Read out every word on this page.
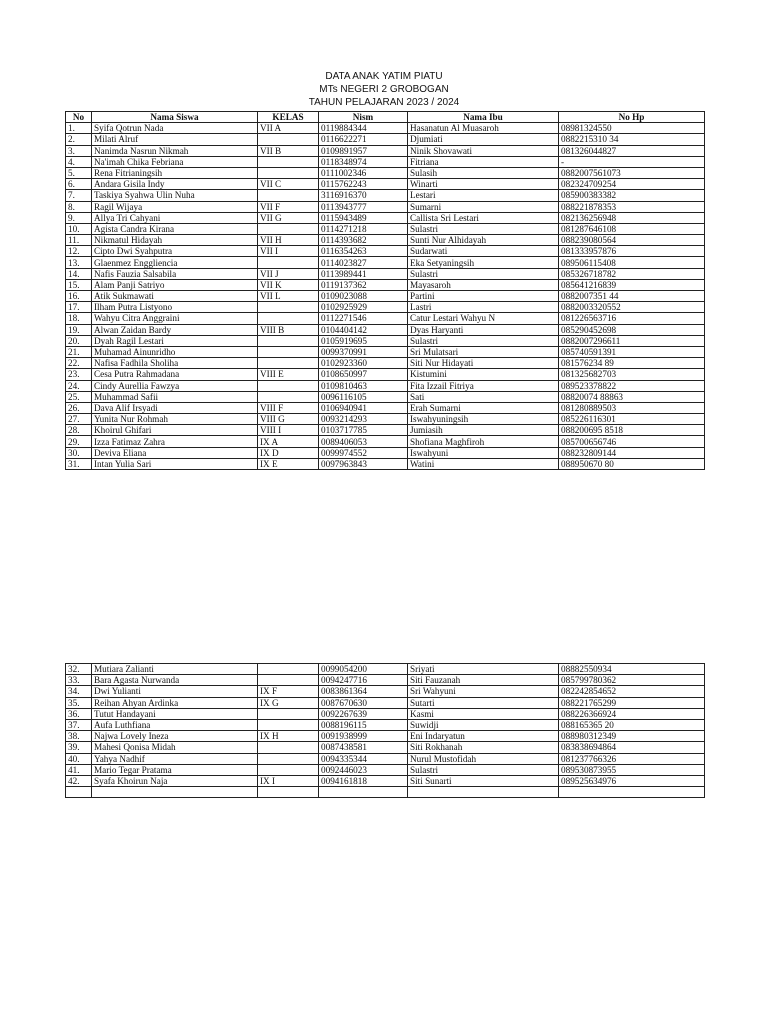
DATA ANAK YATIM PIATU
MTs NEGERI 2 GROBOGAN
TAHUN PELAJARAN 2023 / 2024
No	Nama Siswa	KELAS	Nism	Nama Ibu	No Hp
1.	Syifa Qotrun Nada	VII A	0119884344	Hasanatun Al Muasaroh	08981324550
2.	Milati Alruf		0116622271	Djumiati	0882215310 34
3.	Nanimda Nasrun Nikmah	VII B	0109891957	Ninik Shovawati	081326044827
4.	Na'imah Chika Febriana		0118348974	Fitriana	-
5.	Rena Fitrianingsih		0111002346	Sulasih	0882007561073
6.	Andara Gisila Indy	VII C	0115762243	Winarti	082324709254
7.	Taskiya Syahwa Ulin Nuha		3116916370	Lestari	085900383382
8.	Ragil Wijaya	VII F	0113943777	Sumarni	088221878353
9.	Allya Tri Cahyani	VII G	0115943489	Callista Sri Lestari	082136256948
10.	Agista Candra Kirana		0114271218	Sulastri	081287646108
11.	Nikmatul Hidayah	VII H	0114393682	Sunti Nur Alhidayah	088239080564
12.	Cipto Dwi Syahputra	VII I	0116354263	Sudarwati	081333957876
13.	Glaenmez Enggliencia		0114023827	Eka Setyaningsih	089506115408
14.	Nafis Fauzia Salsabila	VII J	0113989441	Sulastri	085326718782
15.	Alam Panji Satriyo	VII K	0119137362	Mayasaroh	085641216839
16.	Atik Sukmawati	VII L	0109023088	Partini	0882007351 44
17.	Ilham Putra Listyono		0102925929	Lastri	0882003320552
18.	Wahyu Citra Anggraini		0112271546	Catur Lestari Wahyu N	081226563716
19.	Alwan Zaidan Bardy	VIII B	0104404142	Dyas Haryanti	085290452698
20.	Dyah Ragil Lestari		0105919695	Sulastri	0882007296611
21.	Muhamad Ainunridho		0099370991	Sri Mulatsari	085740591391
22.	Nafisa Fadhila Sholiha		0102923360	Siti Nur Hidayati	081576234 89
23.	Cesa Putra Rahmadana	VIII E	0108650997	Kistumini	081325682703
24.	Cindy Aurellia Fawzya		0109810463	Fita Izzail Fitriya	089523378822
25.	Muhammad Safii		0096116105	Sati	08820074 88863
26.	Dava Alif Irsyadi	VIII F	0106940941	Erah Sumarni	081280889503
27.	Yunita Nur Rohmah	VIII G	0093214293	Iswahyuningsih	085226116301
28.	Khoirul Ghifari	VIII I	0103717785	Jumiasih	088200695 8518
29.	Izza Fatimaz Zahra	IX A	0089406053	Shofiana Maghfiroh	085700656746
30.	Deviva Eliana	IX D	0099974552	Iswahyuni	088232809144
31.	Intan Yulia Sari	IX E	0097963843	Watini	088950670 80
32.	Mutiara Zalianti		0099054200	Sriyati	08882550934
33.	Bara Agasta Nurwanda		0094247716	Siti Fauzanah	085799780362
34.	Dwi Yulianti	IX F	0083861364	Sri Wahyuni	082242854652
35.	Reihan Ahyan Ardinka	IX G	0087670630	Sutarti	088221765299
36.	Tutut Handayani		0092267639	Kasmi	088226366924
37.	Aufa Luthfiana		0088196115	Suwidji	088165365 20
38.	Najwa Lovely Ineza	IX H	0091938999	Eni Indaryatun	088980312349
39.	Mahesi Qonisa Midah		0087438581	Siti Rokhanah	083838694864
40.	Yahya Nadhif		0094335344	Nurul Mustofidah	081237766326
41.	Mario Tegar Pratama		0092446023	Sulastri	089530873955
42.	Syafa Khoirun Naja	IX I	0094161818	Siti Sunarti	089525634976
